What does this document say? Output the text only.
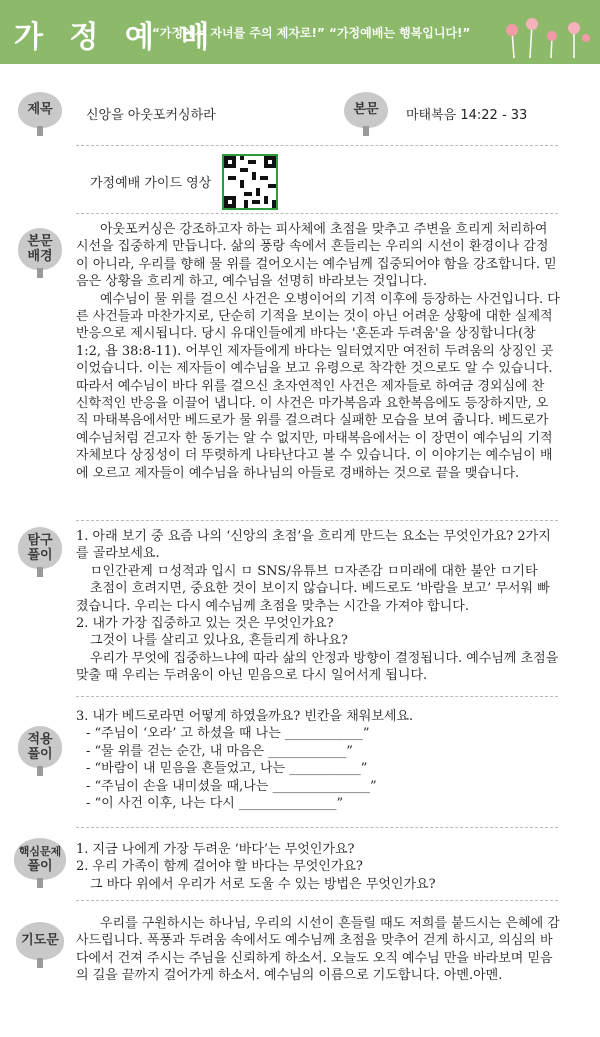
가 정 예 배
“가정에서 자녀를 주의 제자로!” “가정예배는 행복입니다!”
제목	신앙을 아웃포커싱하라	본문	마태복음 14:22 - 33
가정예배 가이드 영상
본문
배경

아웃포커싱은 강조하고자 하는 피사체에 초점을 맞추고 주변을 흐리게 처리하여 시선을 집중하게 만듭니다. 삶의 풍랑 속에서 흔들리는 우리의 시선이 환경이나 감정이 아니라, 우리를 향해 물 위를 걸어오시는 예수님께 집중되어야 함을 강조합니다. 믿음은 상황을 흐리게 하고, 예수님을 선명히 바라보는 것입니다.

예수님이 물 위를 걸으신 사건은 오병이어의 기적 이후에 등장하는 사건입니다. 다른 사건들과 마찬가지로, 단순히 기적을 보이는 것이 아닌 어려운 상황에 대한 실제적 반응으로 제시됩니다. 당시 유대인들에게 바다는 '혼돈과 두려움'을 상징합니다(창 1:2, 욥 38:8-11). 어부인 제자들에게 바다는 일터였지만 여전히 두려움의 상징인 곳이었습니다. 이는 제자들이 예수님을 보고 유령으로 착각한 것으로도 알 수 있습니다. 따라서 예수님이 바다 위를 걸으신 초자연적인 사건은 제자들로 하여금 경외심에 찬 신학적인 반응을 이끌어 냅니다. 이 사건은 마가복음과 요한복음에도 등장하지만, 오직 마태복음에서만 베드로가 물 위를 걸으려다 실패한 모습을 보여 줍니다. 베드로가 예수님처럼 걷고자 한 동기는 알 수 없지만, 마태복음에서는 이 장면이 예수님의 기적 자체보다 상징성이 더 뚜렷하게 나타난다고 볼 수 있습니다. 이 이야기는 예수님이 배에 오르고 제자들이 예수님을 하나님의 아들로 경배하는 것으로 끝을 맺습니다.

탐구
풀이

1. 아래 보기 중 요즘 나의 ‘신앙의 초점’을 흐리게 만드는 요소는 무엇인가요? 2가지를 골라보세요.

ㅁ인간관계 ㅁ성적과 입시 ㅁ SNS/유튜브 ㅁ자존감 ㅁ미래에 대한 불안 ㅁ기타

초점이 흐려지면, 중요한 것이 보이지 않습니다. 베드로도 ‘바람을 보고’ 무서워 빠졌습니다. 우리는 다시 예수님께 초점을 맞추는 시간을 가져야 합니다.

2. 내가 가장 집중하고 있는 것은 무엇인가요?

그것이 나를 살리고 있나요, 흔들리게 하나요?

우리가 무엇에 집중하느냐에 따라 삶의 안정과 방향이 결정됩니다. 예수님께 초점을 맞출 때 우리는 두려움이 아닌 믿음으로 다시 일어서게 됩니다.

적용
풀이

3. 내가 베드로라면 어떻게 하였을까요? 빈칸을 채워보세요.

- “주님이 ‘오라’ 고 하셨을 때 나는 ____________”
- “물 위를 걷는 순간, 내 마음은 ____________”
- “바람이 내 믿음을 흔들었고, 나는 ___________”
- “주님이 손을 내미셨을 때,나는 _______________”
- “이 사건 이후, 나는 다시 _______________”
핵심문제
풀이

1. 지금 나에게 가장 두려운 ‘바다’는 무엇인가요?

2. 우리 가족이 함께 걸어야 할 바다는 무엇인가요?

그 바다 위에서 우리가 서로 도울 수 있는 방법은 무엇인가요?

기도문

우리를 구원하시는 하나님, 우리의 시선이 흔들릴 때도 저희를 붙드시는 은혜에 감사드립니다. 폭풍과 두려움 속에서도 예수님께 초점을 맞추어 걷게 하시고, 의심의 바다에서 건져 주시는 주님을 신뢰하게 하소서. 오늘도 오직 예수님 만을 바라보며 믿음의 길을 끝까지 걸어가게 하소서. 예수님의 이름으로 기도합니다. 아멘.아멘.
